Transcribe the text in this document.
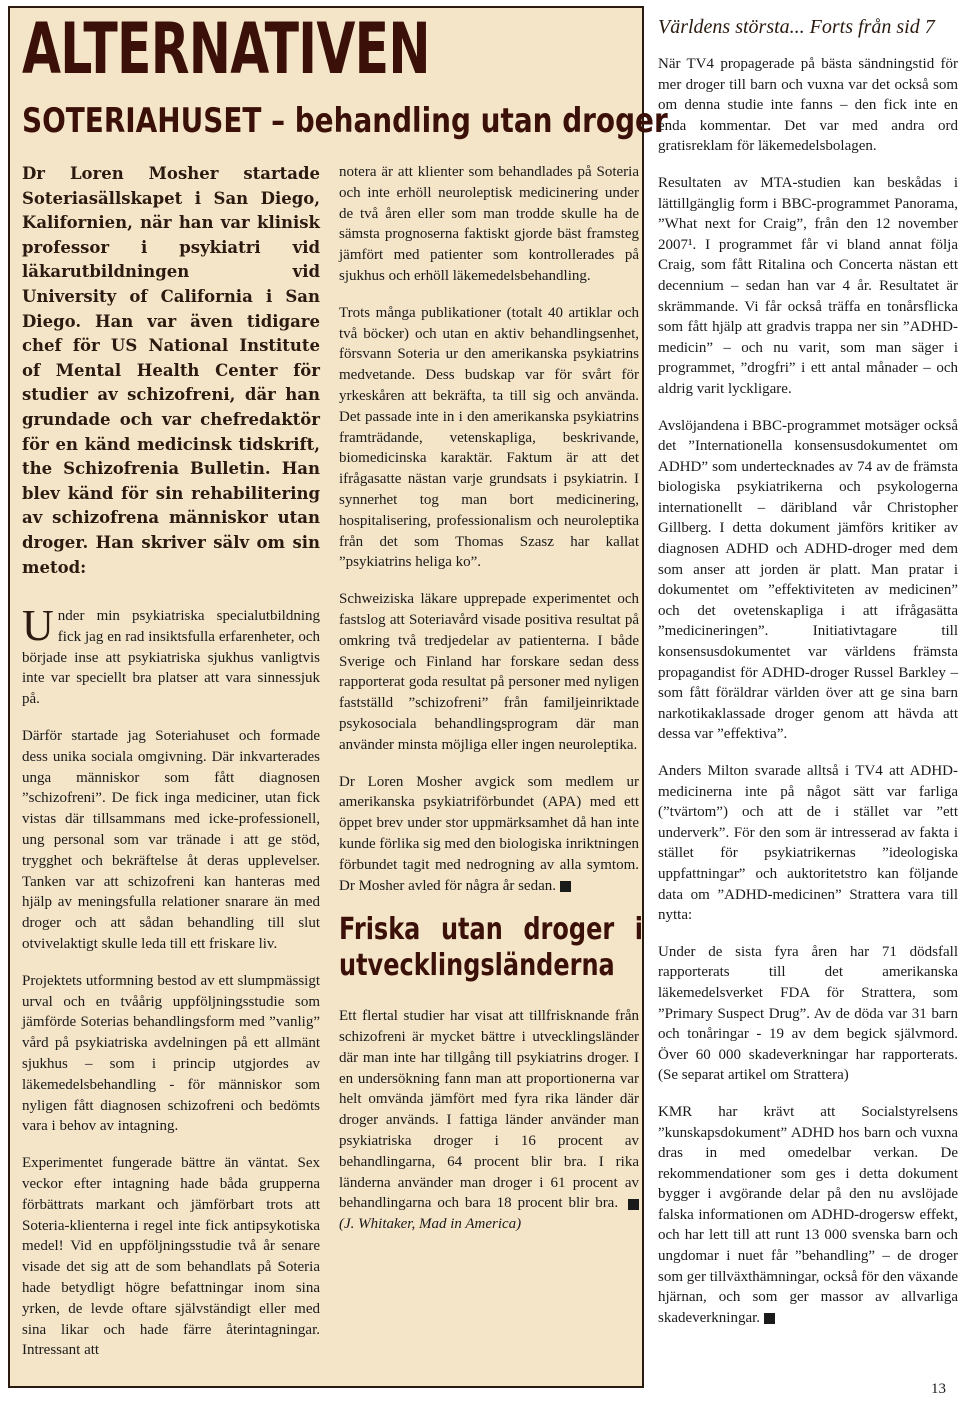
ALTERNATIVEN
SOTERIAHUSET – behandling utan droger

Dr Loren Mosher startade Soteriasällskapet i San Diego, Kalifornien, när han var klinisk professor i psykiatri vid läkarutbildningen vid University of California i San Diego. Han var även tidigare chef för US National Institute of Mental Health Center för studier av schizofreni, där han grundade och var chefredaktör för en känd medicinsk tidskrift, the Schizofrenia Bulletin. Han blev känd för sin rehabilitering av schizofrena människor utan droger. Han skriver sälv om sin metod:

Under min psykiatriska specialutbildning fick jag en rad insiktsfulla erfarenheter, och började inse att psykiatriska sjukhus vanligtvis inte var speciellt bra platser att vara sinnessjuk på.

Därför startade jag Soteriahuset och formade dess unika sociala omgivning. Där inkvarterades unga människor som fått diagnosen ”schizofreni”. De fick inga mediciner, utan fick vistas där tillsammans med icke-professionell, ung personal som var tränade i att ge stöd, trygghet och bekräftelse åt deras upplevelser. Tanken var att schizofreni kan hanteras med hjälp av meningsfulla relationer snarare än med droger och att sådan behandling till slut otvivelaktigt skulle leda till ett friskare liv.

Projektets utformning bestod av ett slumpmässigt urval och en tvåårig uppföljningsstudie som jämförde Soterias behandlingsform med ”vanlig” vård på psykiatriska avdelningen på ett allmänt sjukhus – som i princip utgjordes av läkemedelsbehandling - för människor som nyligen fått diagnosen schizofreni och bedömts vara i behov av intagning.

Experimentet fungerade bättre än väntat. Sex veckor efter intagning hade båda grupperna förbättrats markant och jämförbart trots att Soteria-klienterna i regel inte fick antipsykotiska medel! Vid en uppföljningsstudie två år senare visade det sig att de som behandlats på Soteria hade betydligt högre befattningar inom sina yrken, de levde oftare självständigt eller med sina likar och hade färre återintagningar. Intressant att

notera är att klienter som behandlades på Soteria och inte erhöll neuroleptisk medicinering under de två åren eller som man trodde skulle ha de sämsta prognoserna faktiskt gjorde bäst framsteg jämfört med patienter som kontrollerades på sjukhus och erhöll läkemedelsbehandling.

Trots många publikationer (totalt 40 artiklar och två böcker) och utan en aktiv behandlingsenhet, försvann Soteria ur den amerikanska psykiatrins medvetande. Dess budskap var för svårt för yrkeskåren att bekräfta, ta till sig och använda. Det passade inte in i den amerikanska psykiatrins framträdande, vetenskapliga, beskrivande, biomedicinska karaktär. Faktum är att det ifrågasatte nästan varje grundsats i psykiatrin. I synnerhet tog man bort medicinering, hospitalisering, professionalism och neuroleptika från det som Thomas Szasz har kallat ”psykiatrins heliga ko”.

Schweiziska läkare upprepade experimentet och fastslog att Soteriavård visade positiva resultat på omkring två tredjedelar av patienterna. I både Sverige och Finland har forskare sedan dess rapporterat goda resultat på personer med nyligen fastställd ”schizofreni” från familjeinriktade psykosociala behandlingsprogram där man använder minsta möjliga eller ingen neuroleptika.

Dr Loren Mosher avgick som medlem ur amerikanska psykiatriförbundet (APA) med ett öppet brev under stor uppmärksamhet då han inte kunde förlika sig med den biologiska inriktningen förbundet tagit med nedrogning av alla symtom. Dr Mosher avled för några år sedan.

Friska utan droger i utvecklingsländerna

Ett flertal studier har visat att tillfrisknande från schizofreni är mycket bättre i utvecklingsländer där man inte har tillgång till psykiatrins droger. I en undersökning fann man att proportionerna var helt omvända jämfört med fyra rika länder där droger används. I fattiga länder använder man psykiatriska droger i 16 procent av behandlingarna, 64 procent blir bra. I rika länderna använder man droger i 61 procent av behandlingarna och bara 18 procent blir bra.  (J. Whitaker, Mad in America)

Världens största... Forts från sid 7

När TV4 propagerade på bästa sändningstid för mer droger till barn och vuxna var det också som om denna studie inte fanns – den fick inte en enda kommentar. Det var med andra ord gratisreklam för läkemedelsbolagen.

Resultaten av MTA-studien kan beskådas i lättillgänglig form i BBC-programmet Panorama, ”What next for Craig”, från den 12 november 2007¹. I programmet får vi bland annat följa Craig, som fått Ritalina och Concerta nästan ett decennium – sedan han var 4 år. Resultatet är skrämmande. Vi får också träffa en tonårsflicka som fått hjälp att gradvis trappa ner sin ”ADHD-medicin” – och nu varit, som man säger i programmet, ”drogfri” i ett antal månader – och aldrig varit lyckligare.

Avslöjandena i BBC-programmet motsäger också det ”Internationella konsensusdokumentet om ADHD” som undertecknades av 74 av de främsta biologiska psykiatrikerna och psykologerna internationellt – däribland vår Christopher Gillberg. I detta dokument jämförs kritiker av diagnosen ADHD och ADHD-droger med dem som anser att jorden är platt. Man pratar i dokumentet om ”effektiviteten av medicinen” och det ovetenskapliga i att ifrågasätta ”medicineringen”. Initiativtagare till konsensusdokumentet var världens främsta propagandist för ADHD-droger Russel Barkley – som fått föräldrar världen över att ge sina barn narkotikaklassade droger genom att hävda att dessa var ”effektiva”.

Anders Milton svarade alltså i TV4 att ADHD-medicinerna inte på något sätt var farliga (”tvärtom”) och att de i stället var ”ett underverk”. För den som är intresserad av fakta i stället för psykiatrikernas ”ideologiska uppfattningar” och auktoritetstro kan följande data om ”ADHD-medicinen” Strattera vara till nytta:

Under de sista fyra åren har 71 dödsfall rapporterats till det amerikanska läkemedelsverket FDA för Strattera, som ”Primary Suspect Drug”. Av de döda var 31 barn och tonåringar - 19 av dem begick självmord. Över 60 000 skadeverkningar har rapporterats. (Se separat artikel om Strattera)

KMR har krävt att Socialstyrelsens ”kunskapsdokument” ADHD hos barn och vuxna dras in med omedelbar verkan. De rekommendationer som ges i detta dokument bygger i avgörande delar på den nu avslöjade falska informationen om ADHD-drogersw effekt, och har lett till att runt 13 000 svenska barn och ungdomar i nuet får ”behandling” – de droger som ger tillväxthämningar, också för den växande hjärnan, och som ger massor av allvarliga skadeverkningar.

13
